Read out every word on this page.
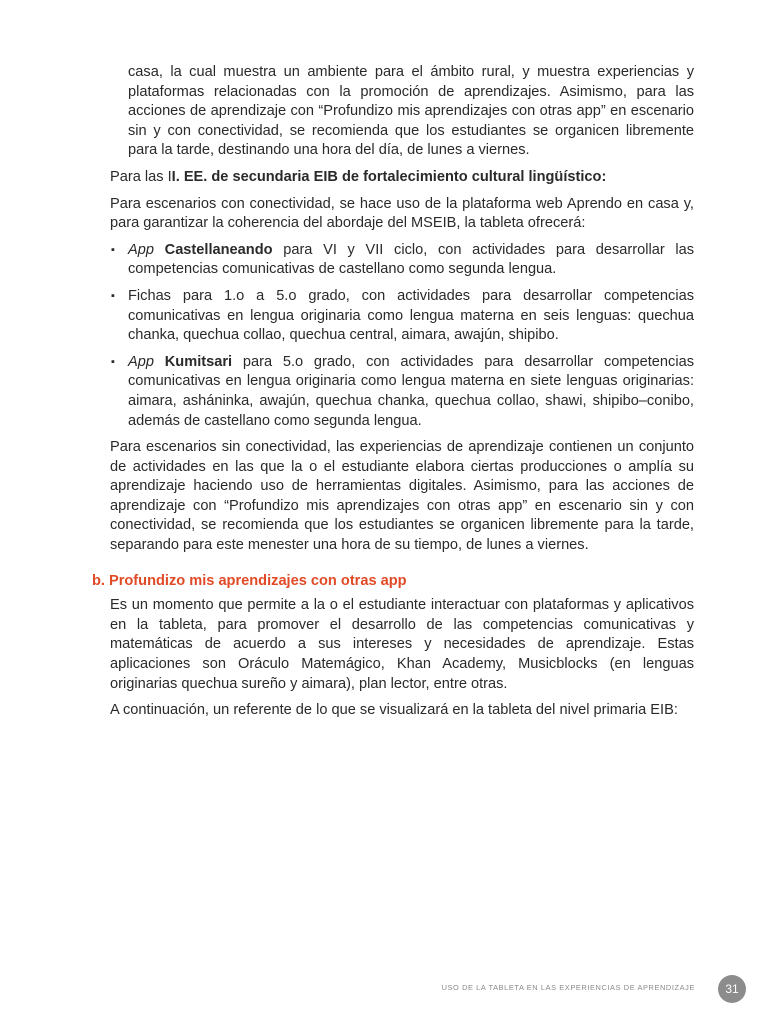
casa, la cual muestra un ambiente para el ámbito rural, y muestra experiencias y plataformas relacionadas con la promoción de aprendizajes. Asimismo, para las acciones de aprendizaje con “Profundizo mis aprendizajes con otras app” en escenario sin y con conectividad, se recomienda que los estudiantes se organicen libremente para la tarde, destinando una hora del día, de lunes a viernes.

Para las II. EE. de secundaria EIB de fortalecimiento cultural lingüístico:

Para escenarios con conectividad, se hace uso de la plataforma web Aprendo en casa y, para garantizar la coherencia del abordaje del MSEIB, la tableta ofrecerá:

▪ App Castellaneando para VI y VII ciclo, con actividades para desarrollar las competencias comunicativas de castellano como segunda lengua.
▪ Fichas para 1.o a 5.o grado, con actividades para desarrollar competencias comunicativas en lengua originaria como lengua materna en seis lenguas: quechua chanka, quechua collao, quechua central, aimara, awajún, shipibo.
▪ App Kumitsari para 5.o grado, con actividades para desarrollar competencias comunicativas en lengua originaria como lengua materna en siete lenguas originarias: aimara, asháninka, awajún, quechua chanka, quechua collao, shawi, shipibo–conibo, además de castellano como segunda lengua.

Para escenarios sin conectividad, las experiencias de aprendizaje contienen un conjunto de actividades en las que la o el estudiante elabora ciertas producciones o amplía su aprendizaje haciendo uso de herramientas digitales. Asimismo, para las acciones de aprendizaje con “Profundizo mis aprendizajes con otras app” en escenario sin y con conectividad, se recomienda que los estudiantes se organicen libremente para la tarde, separando para este menester una hora de su tiempo, de lunes a viernes.

b. Profundizo mis aprendizajes con otras app

Es un momento que permite a la o el estudiante interactuar con plataformas y aplicativos en la tableta, para promover el desarrollo de las competencias comunicativas y matemáticas de acuerdo a sus intereses y necesidades de aprendizaje. Estas aplicaciones son Oráculo Matemágico, Khan Academy, Musicblocks (en lenguas originarias quechua sureño y aimara), plan lector, entre otras.

A continuación, un referente de lo que se visualizará en la tableta del nivel primaria EIB:

USO DE LA TABLETA EN LAS EXPERIENCIAS DE APRENDIZAJE	31
